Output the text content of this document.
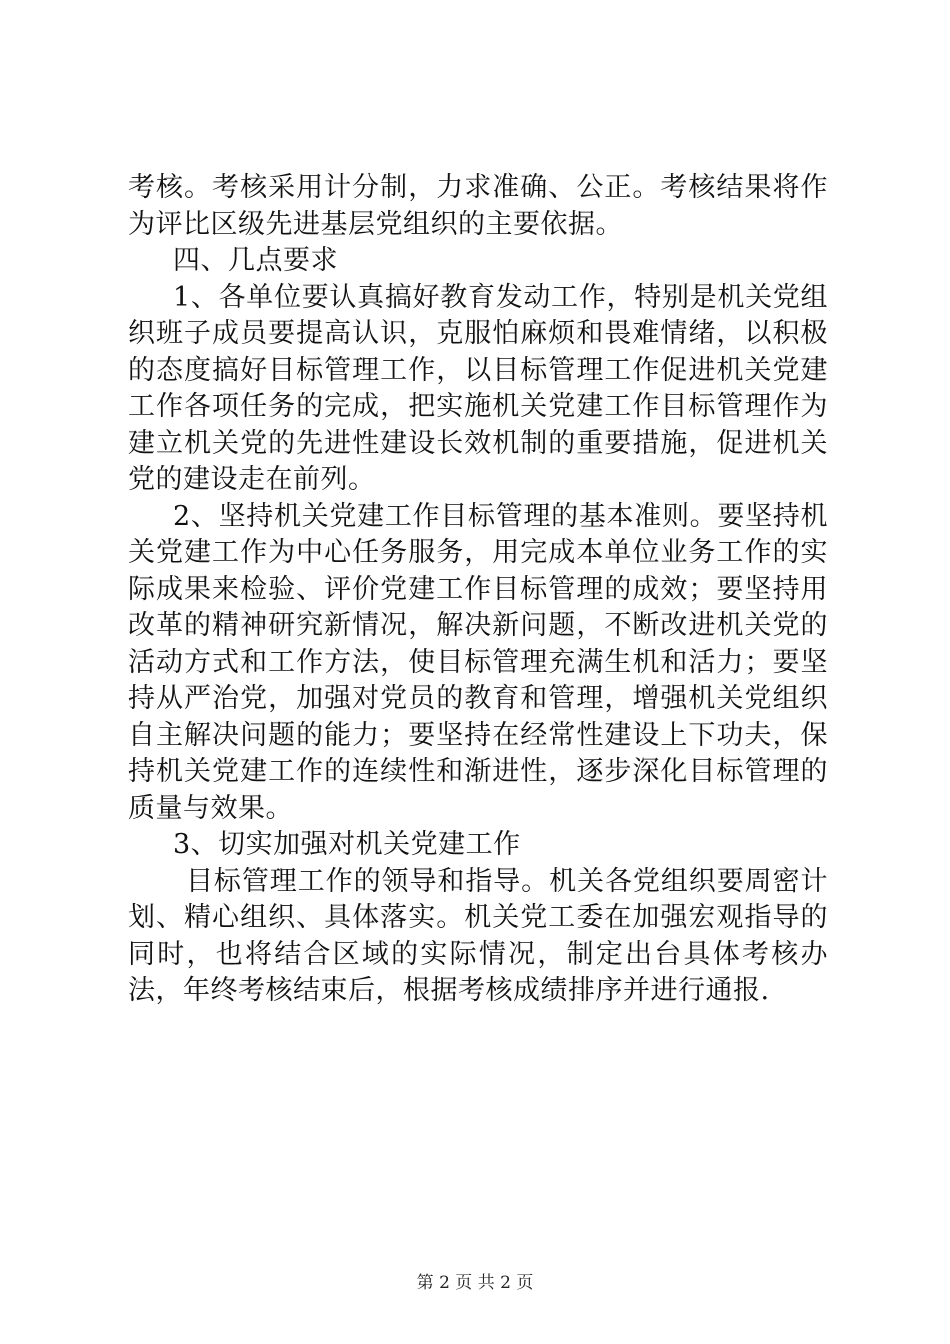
考核。考核采用计分制，力求准确、公正。考核结果将作为评比区级先进基层党组织的主要依据。

四、几点要求

1、各单位要认真搞好教育发动工作，特别是机关党组织班子成员要提高认识，克服怕麻烦和畏难情绪，以积极的态度搞好目标管理工作，以目标管理工作促进机关党建工作各项任务的完成，把实施机关党建工作目标管理作为建立机关党的先进性建设长效机制的重要措施，促进机关党的建设走在前列。

2、坚持机关党建工作目标管理的基本准则。要坚持机关党建工作为中心任务服务，用完成本单位业务工作的实际成果来检验、评价党建工作目标管理的成效；要坚持用改革的精神研究新情况，解决新问题，不断改进机关党的活动方式和工作方法，使目标管理充满生机和活力；要坚持从严治党，加强对党员的教育和管理，增强机关党组织自主解决问题的能力；要坚持在经常性建设上下功夫，保持机关党建工作的连续性和渐进性，逐步深化目标管理的质量与效果。

3、切实加强对机关党建工作

目标管理工作的领导和指导。机关各党组织要周密计划、精心组织、具体落实。机关党工委在加强宏观指导的同时，也将结合区域的实际情况，制定出台具体考核办法，年终考核结束后，根据考核成绩排序并进行通报.

第 2 页 共 2 页
